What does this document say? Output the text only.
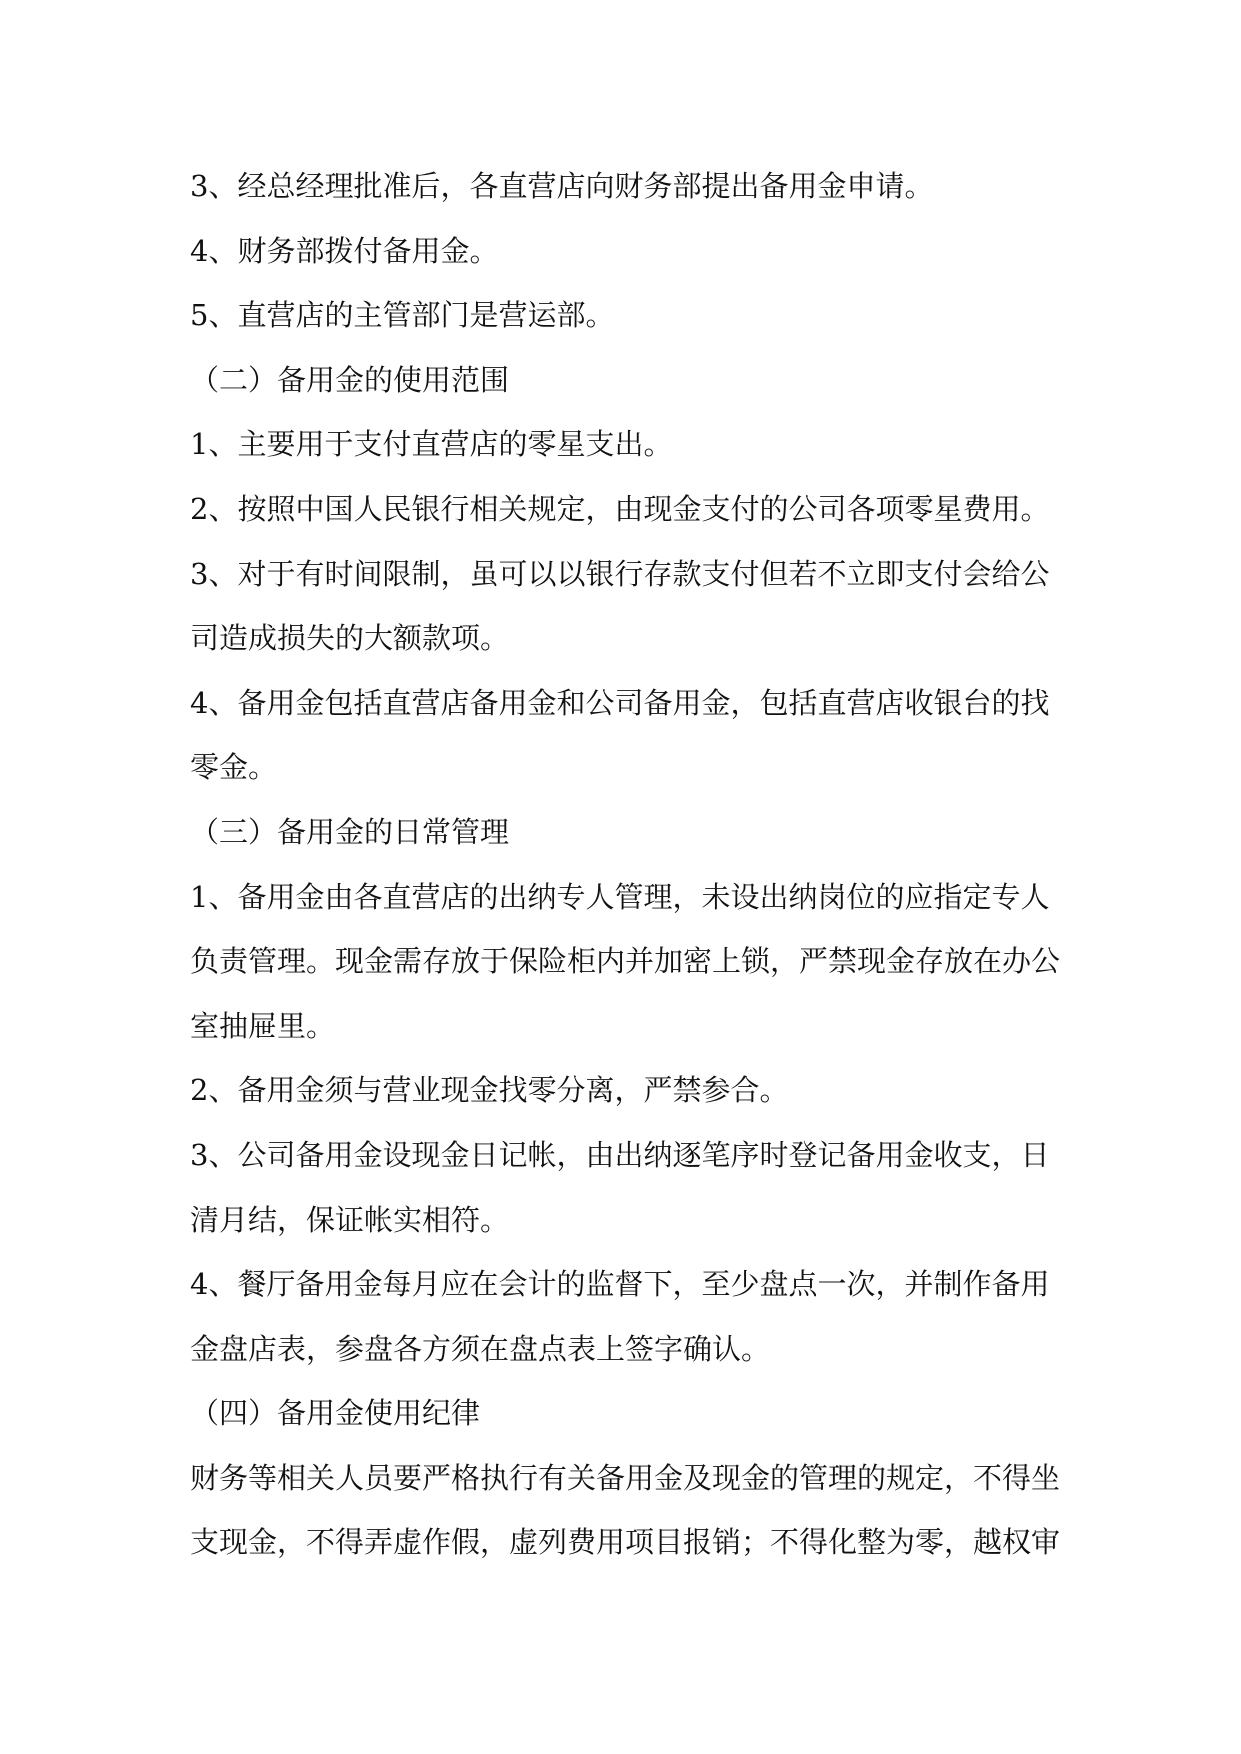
3、经总经理批准后，各直营店向财务部提出备用金申请。
4、财务部拨付备用金。
5、直营店的主管部门是营运部。
（二）备用金的使用范围
1、主要用于支付直营店的零星支出。
2、按照中国人民银行相关规定，由现金支付的公司各项零星费用。
3、对于有时间限制，虽可以以银行存款支付但若不立即支付会给公
司造成损失的大额款项。
4、备用金包括直营店备用金和公司备用金，包括直营店收银台的找
零金。
（三）备用金的日常管理
1、备用金由各直营店的出纳专人管理，未设出纳岗位的应指定专人
负责管理。现金需存放于保险柜内并加密上锁，严禁现金存放在办公
室抽屉里。
2、备用金须与营业现金找零分离，严禁参合。
3、公司备用金设现金日记帐，由出纳逐笔序时登记备用金收支，日
清月结，保证帐实相符。
4、餐厅备用金每月应在会计的监督下，至少盘点一次，并制作备用
金盘店表，参盘各方须在盘点表上签字确认。
（四）备用金使用纪律
财务等相关人员要严格执行有关备用金及现金的管理的规定，不得坐
支现金，不得弄虚作假，虚列费用项目报销；不得化整为零，越权审
